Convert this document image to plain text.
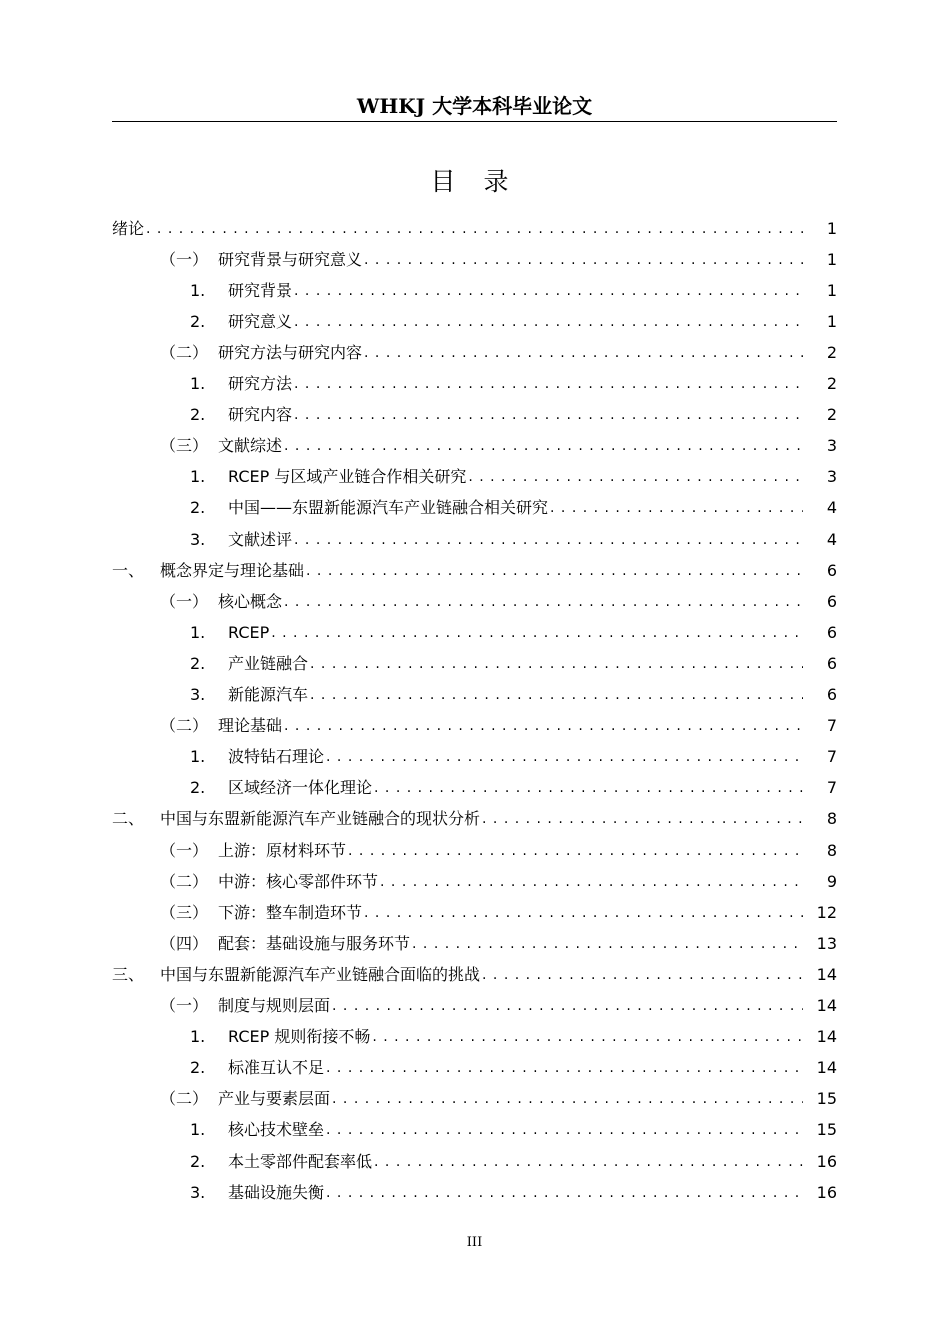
WHKJ 大学本科毕业论文
目 录
绪论 . . .	1
（一） 研究背景与研究意义 . . .	1
1.	研究背景 . . .	1
2.	研究意义 . . .	1
（二） 研究方法与研究内容 . . .	2
1.	研究方法 . . .	2
2.	研究内容 . . .	2
（三） 文献综述 . . .	3
1.	RCEP 与区域产业链合作相关研究 . . .	3
2.	中国——东盟新能源汽车产业链融合相关研究 . . .	4
3.	文献述评 . . .	4
一、 概念界定与理论基础 . . .	6
（一） 核心概念 . . .	6
1.	RCEP . . .	6
2.	产业链融合 . . .	6
3.	新能源汽车 . . .	6
（二） 理论基础 . . .	7
1.	波特钻石理论 . . .	7
2.	区域经济一体化理论 . . .	7
二、 中国与东盟新能源汽车产业链融合的现状分析 . . .	8
（一） 上游：原材料环节 . . .	8
（二） 中游：核心零部件环节 . . .	9
（三） 下游：整车制造环节 . . .	12
（四） 配套：基础设施与服务环节 . . .	13
三、 中国与东盟新能源汽车产业链融合面临的挑战 . . .	14
（一） 制度与规则层面 . . .	14
1.	RCEP 规则衔接不畅 . . .	14
2.	标准互认不足 . . .	14
（二） 产业与要素层面 . . .	15
1.	核心技术壁垒 . . .	15
2.	本土零部件配套率低 . . .	16
3.	基础设施失衡 . . .	16
III
